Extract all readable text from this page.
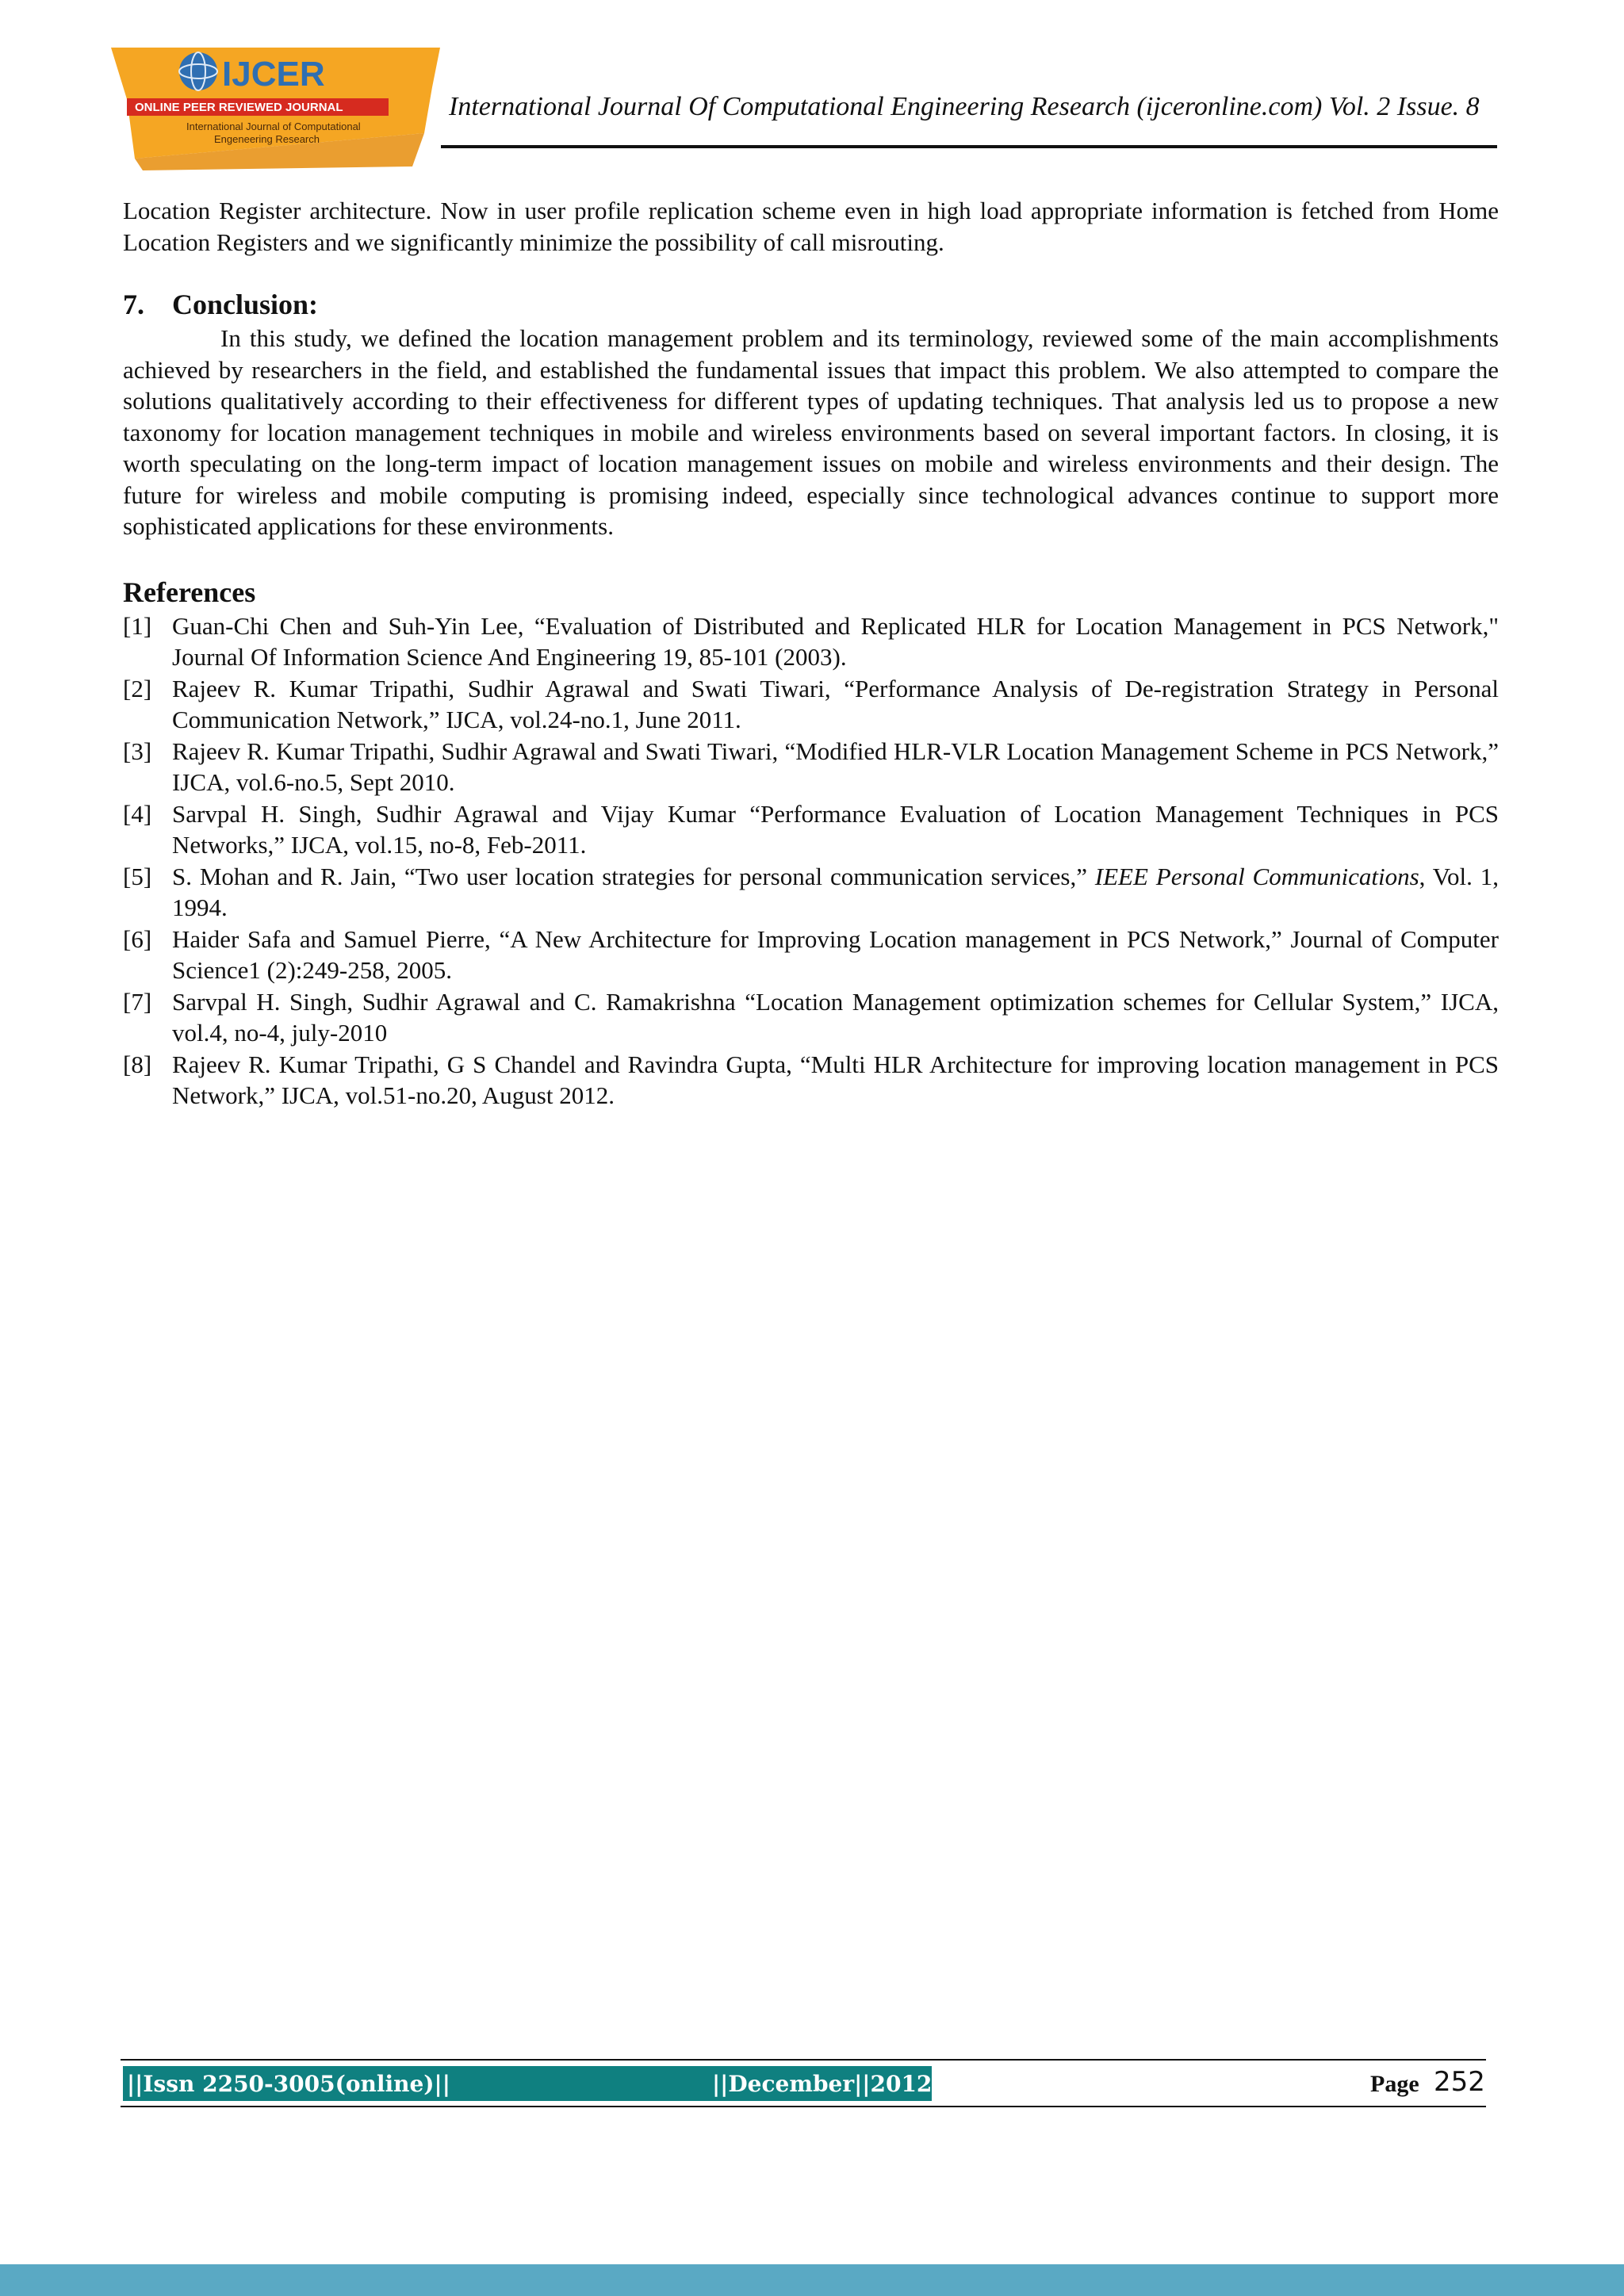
IJCER
ONLINE PEER REVIEWED JOURNAL
International Journal of Computational
Engeneering Research
International Journal Of Computational Engineering Research (ijceronline.com) Vol. 2 Issue. 8

Location Register architecture. Now in user profile replication scheme even in high load appropriate information is fetched from Home Location Registers and we significantly minimize the possibility of call misrouting.

7. Conclusion:

In this study, we defined the location management problem and its terminology, reviewed some of the main accomplishments achieved by researchers in the field, and established the fundamental issues that impact this problem. We also attempted to compare the solutions qualitatively according to their effectiveness for different types of updating techniques. That analysis led us to propose a new taxonomy for location management techniques in mobile and wireless environments based on several important factors. In closing, it is worth speculating on the long-term impact of location management issues on mobile and wireless environments and their design. The future for wireless and mobile computing is promising indeed, especially since technological advances continue to support more sophisticated applications for these environments.

References
[1] Guan-Chi Chen and Suh-Yin Lee, “Evaluation of Distributed and Replicated HLR for Location Management in PCS Network," Journal Of Information Science And Engineering 19, 85-101 (2003).
[2] Rajeev R. Kumar Tripathi, Sudhir Agrawal and Swati Tiwari, “Performance Analysis of De-registration Strategy in Personal Communication Network,” IJCA, vol.24-no.1, June 2011.
[3] Rajeev R. Kumar Tripathi, Sudhir Agrawal and Swati Tiwari, “Modified HLR-VLR Location Management Scheme in PCS Network,” IJCA, vol.6-no.5, Sept 2010.
[4] Sarvpal H. Singh, Sudhir Agrawal and Vijay Kumar “Performance Evaluation of Location Management Techniques in PCS Networks,” IJCA, vol.15, no-8, Feb-2011.
[5] S. Mohan and R. Jain, “Two user location strategies for personal communication services,” IEEE Personal Communications, Vol. 1, 1994.
[6] Haider Safa and Samuel Pierre, “A New Architecture for Improving Location management in PCS Network,” Journal of Computer Science1 (2):249-258, 2005.
[7] Sarvpal H. Singh, Sudhir Agrawal and C. Ramakrishna “Location Management optimization schemes for Cellular System,” IJCA, vol.4, no-4, july-2010
[8] Rajeev R. Kumar Tripathi, G S Chandel and Ravindra Gupta, “Multi HLR Architecture for improving location management in PCS Network,” IJCA, vol.51-no.20, August 2012.
||Issn 2250-3005(online)||	||December||2012||	Page 252
